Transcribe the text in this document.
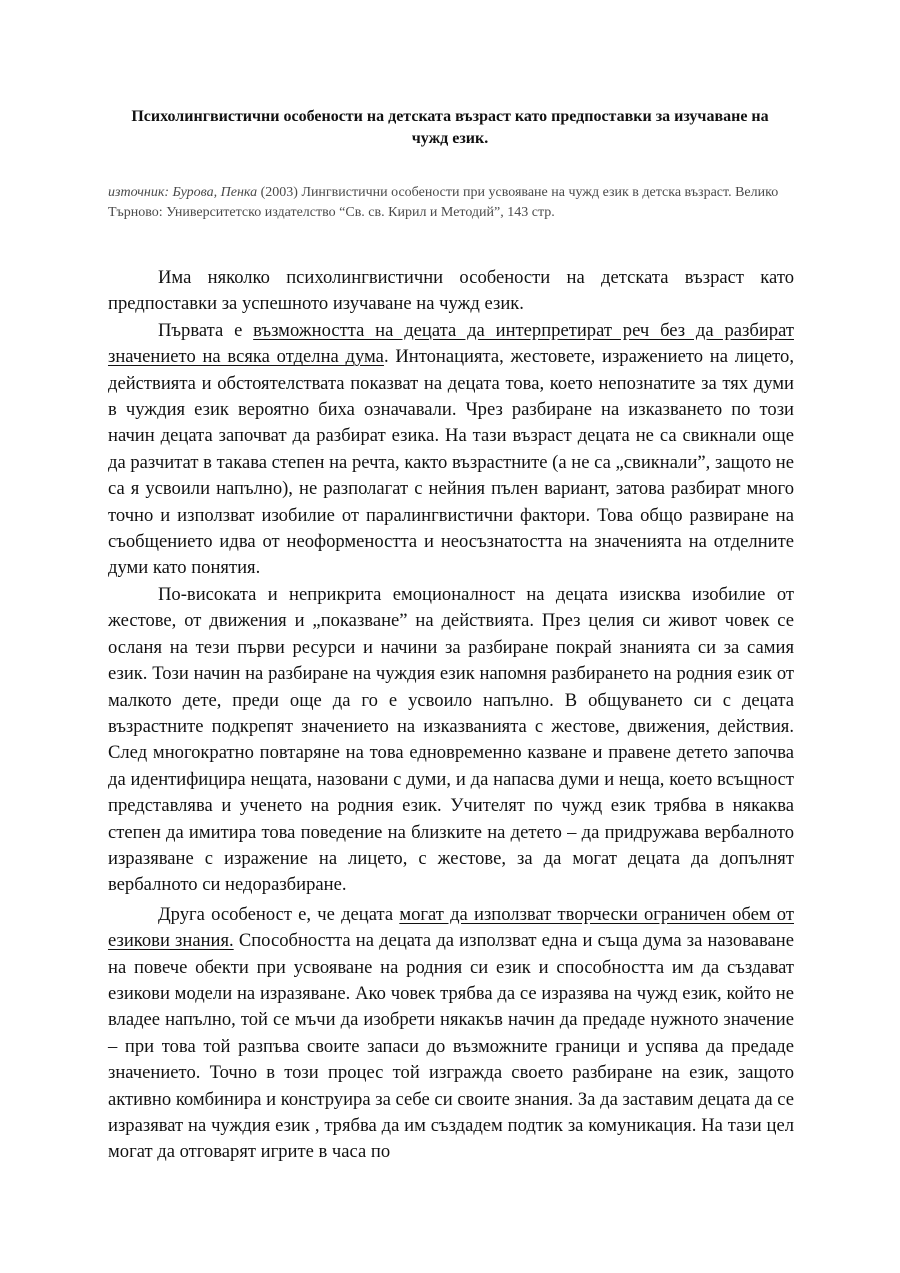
Психолингвистични особености на детската възраст като предпоставки за изучаване на чужд език.
източник: Бурова, Пенка (2003) Лингвистични особености при усвояване на чужд език в детска възраст. Велико Търново: Университетско издателство “Св. св. Кирил и Методий”, 143 стр.

Има няколко психолингвистични особености на детската възраст като предпоставки за успешното изучаване на чужд език.

Първата е възможността на децата да интерпретират реч без да разбират значението на всяка отделна дума. Интонацията, жестовете, изражението на лицето, действията и обстоятелствата показват на децата това, което непознатите за тях думи в чуждия език вероятно биха означавали. Чрез разбиране на изказването по този начин децата започват да разбират езика. На тази възраст децата не са свикнали още да разчитат в такава степен на речта, както възрастните (а не са „свикнали”, защото не са я усвоили напълно), не разполагат с нейния пълен вариант, затова разбират много точно и използват изобилие от паралингвистични фактори. Това общо развиране на съобщението идва от неоформеността и неосъзнатостта на значенията на отделните думи като понятия.

По-високата и неприкрита емоционалност на децата изисква изобилие от жестове, от движения и „показване” на действията. През целия си живот човек се осланя на тези първи ресурси и начини за разбиране покрай знанията си за самия език. Този начин на разбиране на чуждия език напомня разбирането на родния език от малкото дете, преди още да го е усвоило напълно. В общуването си с децата възрастните подкрепят значението на изказванията с жестове, движения, действия. След многократно повтаряне на това едновременно казване и правене детето започва да идентифицира нещата, назовани с думи, и да напасва думи и неща, което всъщност представлява и ученето на родния език. Учителят по чужд език трябва в някаква степен да имитира това поведение на близките на детето – да придружава вербалното изразяване с изражение на лицето, с жестове, за да могат децата да допълнят вербалното си недоразбиране.

Друга особеност е, че децата могат да използват творчески ограничен обем от езикови знания. Способността на децата да използват една и съща дума за назоваване на повече обекти при усвояване на родния си език и способността им да създават езикови модели на изразяване. Ако човек трябва да се изразява на чужд език, който не владее напълно, той се мъчи да изобрети някакъв начин да предаде нужното значение – при това той разпъва своите запаси до възможните граници и успява да предаде значението. Точно в този процес той изгражда своето разбиране на език, защото активно комбинира и конструира за себе си своите знания. За да заставим децата да се изразяват на чуждия език , трябва да им създадем подтик за комуникация. На тази цел могат да отговарят игрите в часа по
